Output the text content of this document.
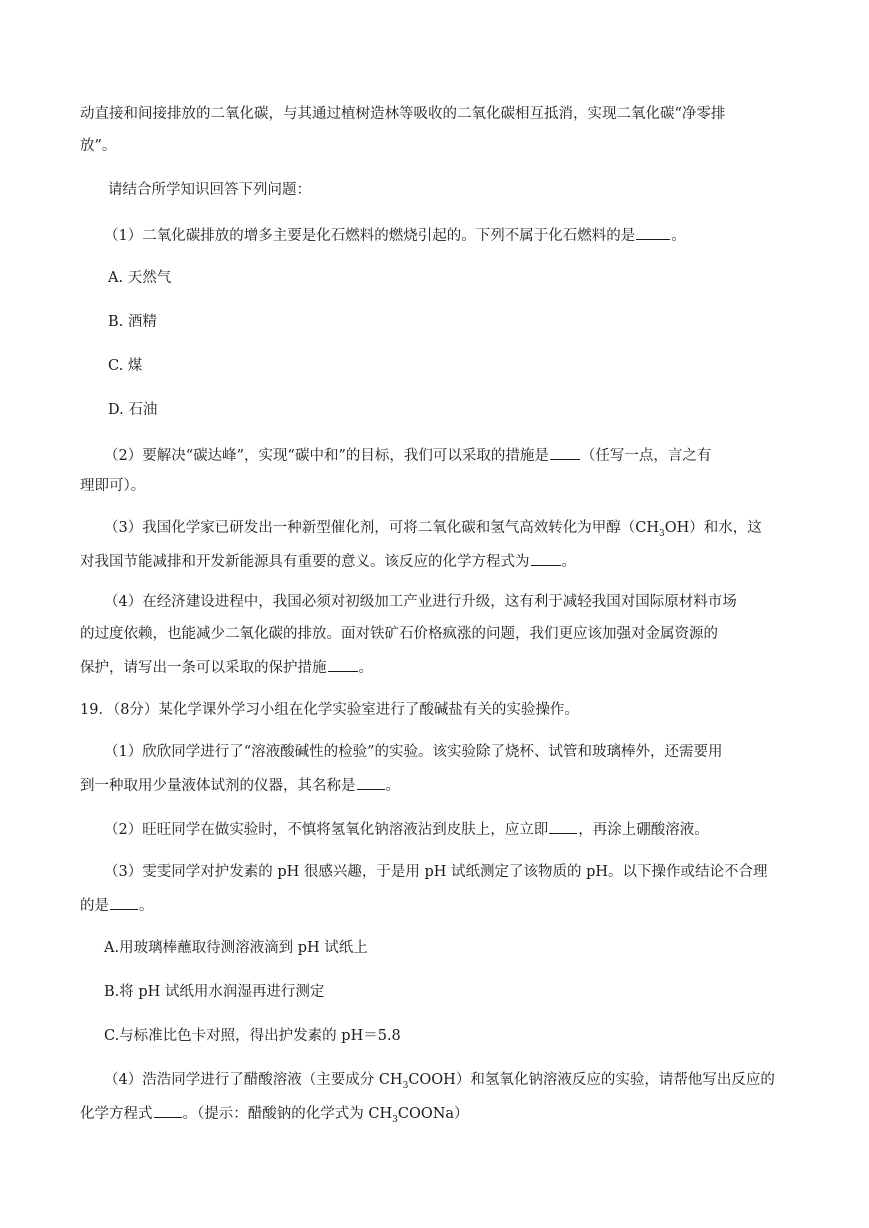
动直接和间接排放的二氧化碳，与其通过植树造林等吸收的二氧化碳相互抵消，实现二氧化碳“净零排
放”。
请结合所学知识回答下列问题：
（1）二氧化碳排放的增多主要是化石燃料的燃烧引起的。下列不属于化石燃料的是 。
A. 天然气
B. 酒精
C. 煤
D. 石油
（2）要解决“碳达峰”，实现“碳中和”的目标，我们可以采取的措施是 （任写一点，言之有
理即可）。
（3）我国化学家已研发出一种新型催化剂，可将二氧化碳和氢气高效转化为甲醇$(CH_3OH)$和水，这
对我国节能减排和开发新能源具有重要的意义。该反应的化学方程式为 。
（4）在经济建设进程中，我国必须对初级加工产业进行升级，这有利于减轻我国对国际原材料市场
的过度依赖，也能减少二氧化碳的排放。面对铁矿石价格疯涨的问题，我们更应该加强对金属资源的
保护，请写出一条可以采取的保护措施 。
19．（8分）某化学课外学习小组在化学实验室进行了酸碱盐有关的实验操作。
（1）欣欣同学进行了“溶液酸碱性的检验”的实验。该实验除了烧杯、试管和玻璃棒外，还需要用
到一种取用少量液体试剂的仪器，其名称是 。
（2）旺旺同学在做实验时，不慎将氢氧化钠溶液沾到皮肤上，应立即 ，再涂上硼酸溶液。
（3）雯雯同学对护发素的 pH 很感兴趣，于是用 pH 试纸测定了该物质的 pH。以下操作或结论不合理
的是 。
A.用玻璃棒蘸取待测溶液滴到 pH 试纸上
B.将 pH 试纸用水润湿再进行测定
C.与标准比色卡对照，得出护发素的 pH＝5.8
（4）浩浩同学进行了醋酸溶液（主要成分 $CH_3COOH$）和氢氧化钠溶液反应的实验，请帮他写出反应的
化学方程式 。（提示：醋酸钠的化学式为 $CH_3COONa$）
